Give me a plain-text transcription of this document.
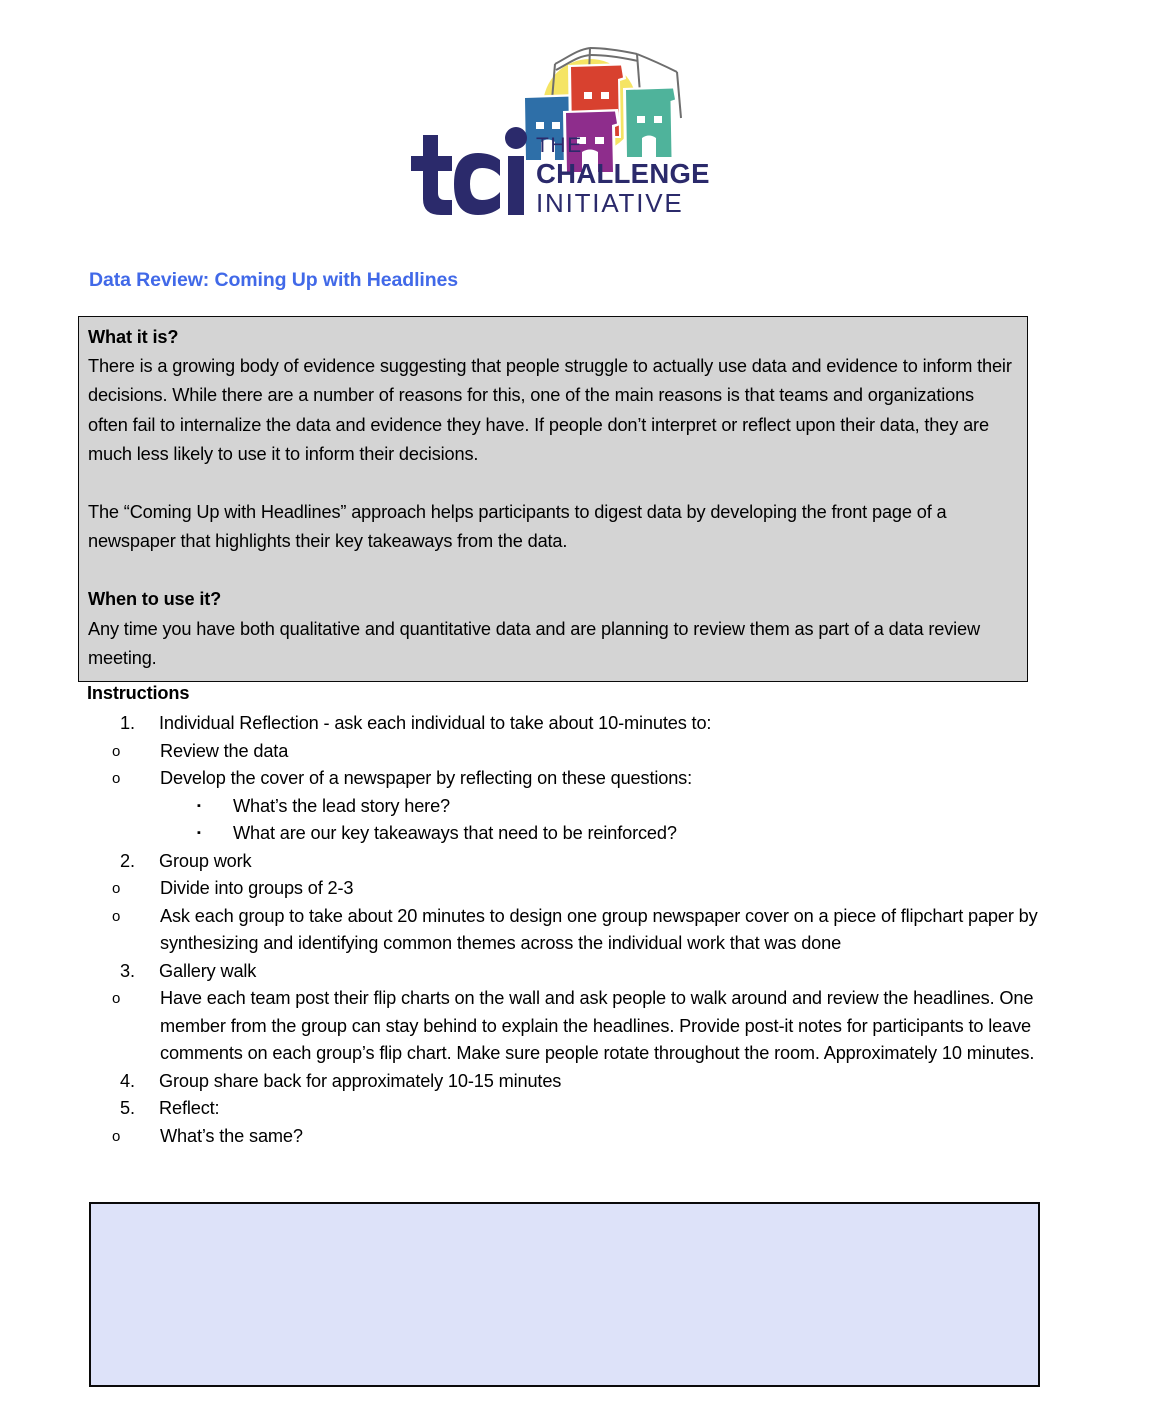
THE
CHALLENGE
INITIATIVE
Data Review: Coming Up with Headlines

What it is?

There is a growing body of evidence suggesting that people struggle to actually use data and evidence to inform their decisions. While there are a number of reasons for this, one of the main reasons is that teams and organizations often fail to internalize the data and evidence they have. If people don’t interpret or reflect upon their data, they are much less likely to use it to inform their decisions.

The “Coming Up with Headlines” approach helps participants to digest data by developing the front page of a newspaper that highlights their key takeaways from the data.

When to use it?

Any time you have both qualitative and quantitative data and are planning to review them as part of a data review meeting.

Instructions
1.	Individual Reflection - ask each individual to take about 10-minutes to:
o Review the data
o Develop the cover of a newspaper by reflecting on these questions:
▪ What’s the lead story here?
▪ What are our key takeaways that need to be reinforced?
2.	Group work
o Divide into groups of 2-3
o Ask each group to take about 20 minutes to design one group newspaper cover on a piece of flipchart paper by synthesizing and identifying common themes across the individual work that was done
3.	Gallery walk
o Have each team post their flip charts on the wall and ask people to walk around and review the headlines. One member from the group can stay behind to explain the headlines. Provide post-it notes for participants to leave comments on each group’s flip chart. Make sure people rotate throughout the room. Approximately 10 minutes.
4.	Group share back for approximately 10-15 minutes
5.	Reflect:
o What’s the same?
